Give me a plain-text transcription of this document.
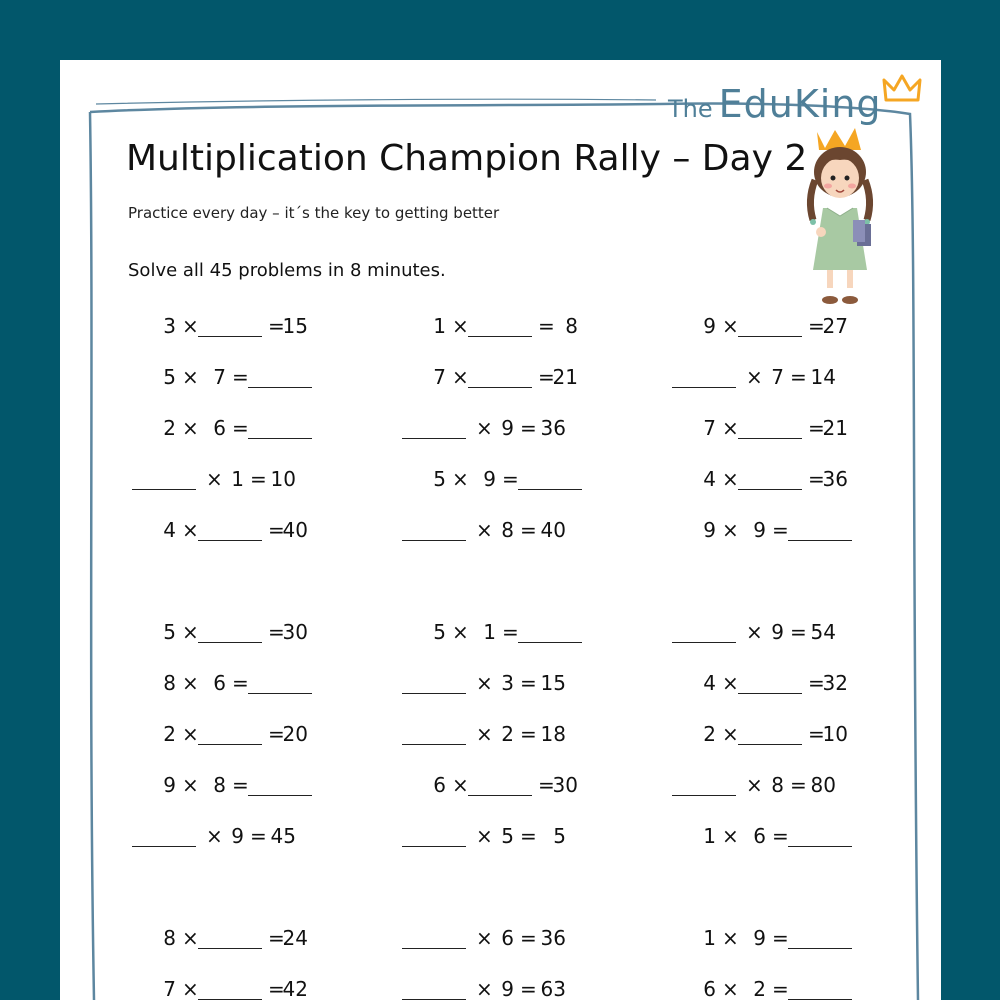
The EduKing
Multiplication Champion Rally – Day 2
Practice every day – it´s the key to getting better
Solve all 45 problems in 8 minutes.
3 ×	=
15
5 × 7 =
2 × 6 =
× 1 = 10
4 ×	=
40
5 ×	=
30
8 × 6 =
2 ×	=
20
9 × 8 =
× 9 = 45
8 ×	=
24
7 ×	=
42
1 ×	= 8
7 ×	=
21
× 9 = 36
5 × 9 =
× 8 = 40
5 × 1 =
× 3 = 15
× 2 = 18
6 ×	=
30
× 5 = 5
× 6 = 36
× 9 = 63
9 ×	=
27
× 7 = 14
7 ×	=
21
4 ×	=
36
9 × 9 =
× 9 = 54
4 ×	=
32
2 ×	=
10
× 8 = 80
1 × 6 =
1 × 9 =
6 × 2 =
